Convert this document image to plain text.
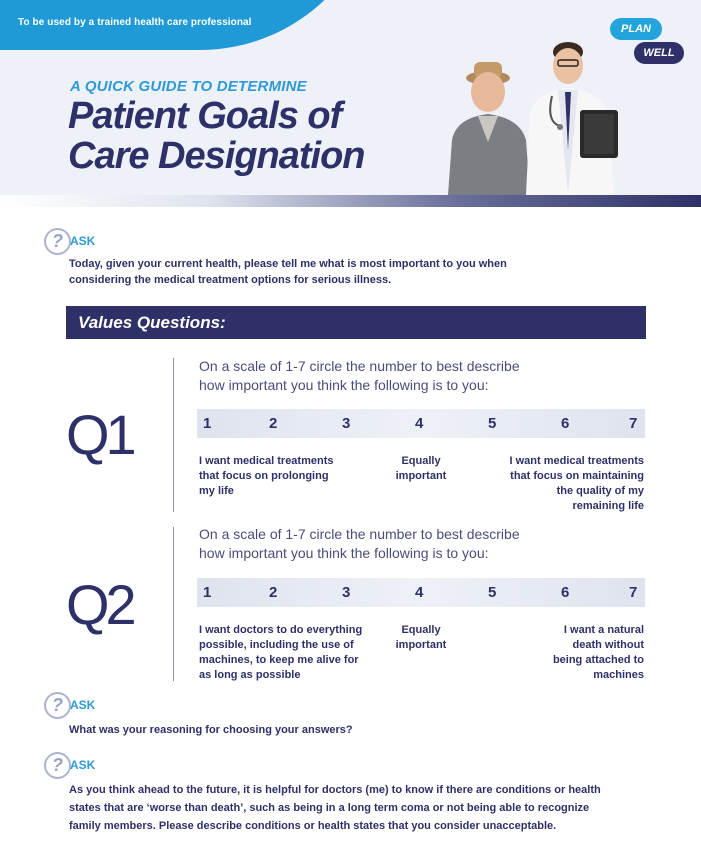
To be used by a trained health care professional
A QUICK GUIDE TO DETERMINE
Patient Goals of
Care Designation
PLAN
WELL
? ASK
Today, given your current health, please tell me what is most important to you when
considering the medical treatment options for serious illness.
Values Questions:
Q1
On a scale of 1-7 circle the number to best describe
how important you think the following is to you:
1	2	3	4	5	6	7
I want medical treatments
that focus on prolonging
my life
Equally
important
I want medical treatments
that focus on maintaining
the quality of my
remaining life
Q2
On a scale of 1-7 circle the number to best describe
how important you think the following is to you:
1	2	3	4	5	6	7
I want doctors to do everything
possible, including the use of
machines, to keep me alive for
as long as possible
Equally
important
I want a natural
death without
being attached to
machines
? ASK
What was your reasoning for choosing your answers?
? ASK
As you think ahead to the future, it is helpful for doctors (me) to know if there are conditions or health
states that are ‘worse than death’, such as being in a long term coma or not being able to recognize
family members. Please describe conditions or health states that you consider unacceptable.
